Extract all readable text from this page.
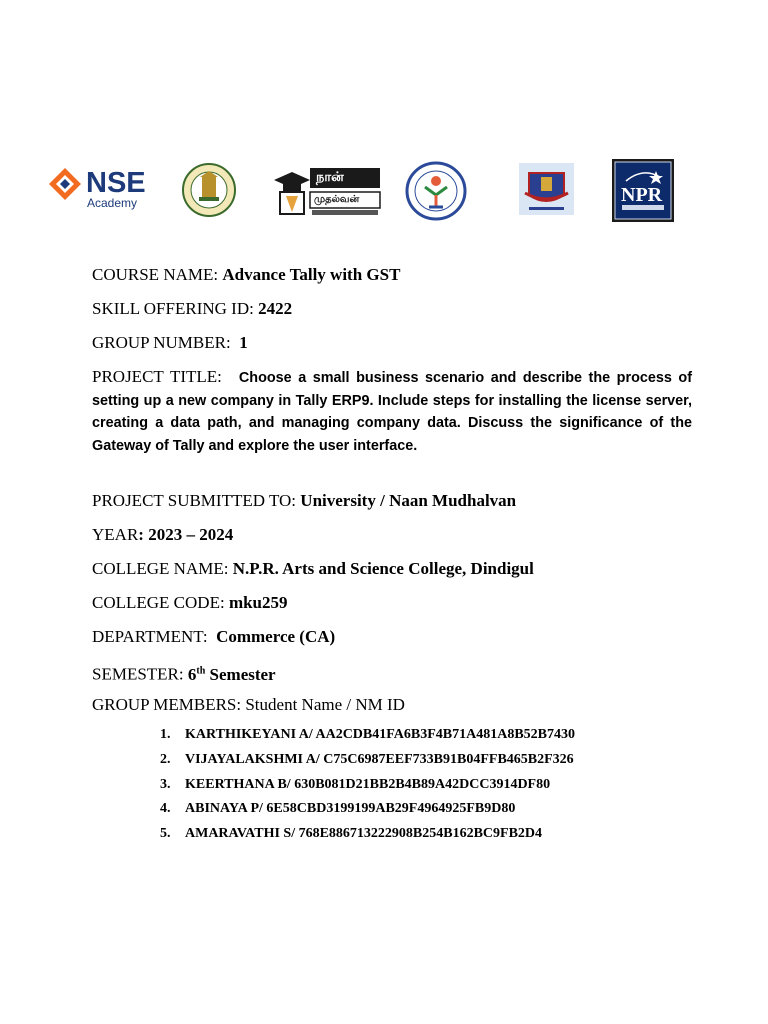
NSE
Academy
நான்
முதல்வன்	NPR
COURSE NAME: Advance Tally with GST
SKILL OFFERING ID: 2422
GROUP NUMBER:  1
PROJECT TITLE: Choose a small business scenario and describe the process of setting up a new company in Tally ERP9. Include steps for installing the license server, creating a data path, and managing company data. Discuss the significance of the Gateway of Tally and explore the user interface.
PROJECT SUBMITTED TO: University / Naan Mudhalvan
YEAR: 2023 – 2024
COLLEGE NAME: N.P.R. Arts and Science College, Dindigul
COLLEGE CODE: mku259
DEPARTMENT:  Commerce (CA)
SEMESTER: 6th Semester
GROUP MEMBERS: Student Name / NM ID
1. KARTHIKEYANI A/ AA2CDB41FA6B3F4B71A481A8B52B7430
2. VIJAYALAKSHMI A/ C75C6987EEF733B91B04FFB465B2F326
3. KEERTHANA B/ 630B081D21BB2B4B89A42DCC3914DF80
4. ABINAYA P/ 6E58CBD3199199AB29F4964925FB9D80
5. AMARAVATHI S/ 768E886713222908B254B162BC9FB2D4
